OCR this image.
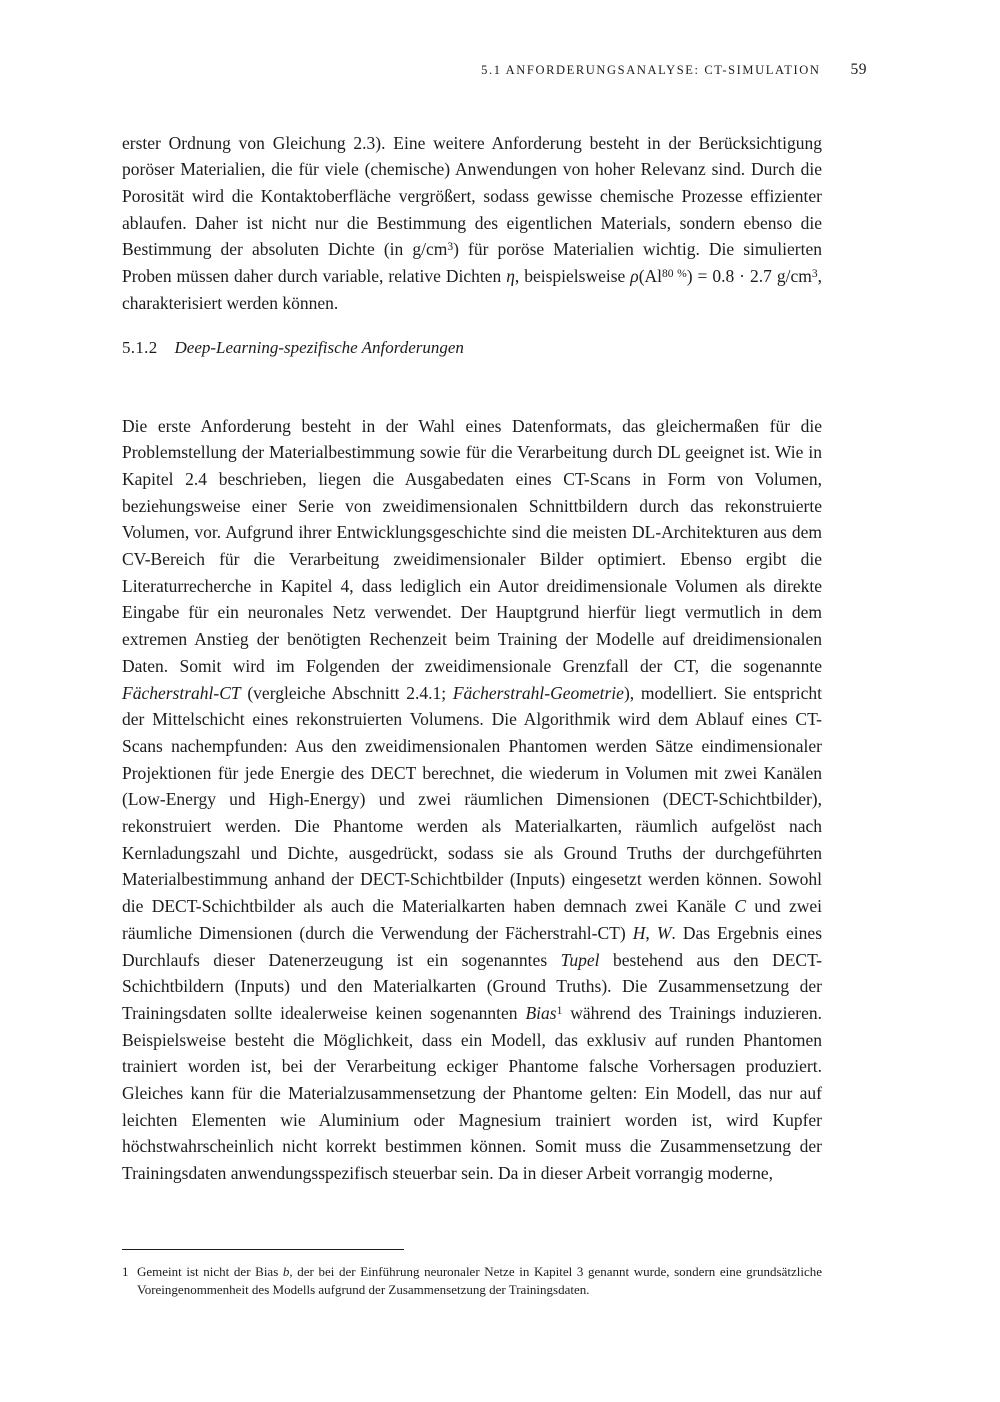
5.1 ANFORDERUNGSANALYSE: CT-SIMULATION 59

erster Ordnung von Gleichung 2.3). Eine weitere Anforderung besteht in der Berücksichtigung poröser Materialien, die für viele (chemische) Anwendungen von hoher Relevanz sind. Durch die Porosität wird die Kontaktoberfläche vergrößert, sodass gewisse chemische Prozesse effizienter ablaufen. Daher ist nicht nur die Bestimmung des eigentlichen Materials, sondern ebenso die Bestimmung der absoluten Dichte (in $g/cm^3$) für poröse Materialien wichtig. Die simulierten Proben müssen daher durch variable, relative Dichten η, beispielsweise $\rho(Al^{80 \%}) = 0.8 \cdot 2.7$ $g/cm^3$, charakterisiert werden können.

5.1.2 Deep-Learning-spezifische Anforderungen

Die erste Anforderung besteht in der Wahl eines Datenformats, das gleichermaßen für die Problemstellung der Materialbestimmung sowie für die Verarbeitung durch DL geeignet ist. Wie in Kapitel 2.4 beschrieben, liegen die Ausgabedaten eines CT-Scans in Form von Volumen, beziehungsweise einer Serie von zweidimensionalen Schnittbildern durch das rekonstruierte Volumen, vor. Aufgrund ihrer Entwicklungsgeschichte sind die meisten DL-Architekturen aus dem CV-Bereich für die Verarbeitung zweidimensionaler Bilder optimiert. Ebenso ergibt die Literaturrecherche in Kapitel 4, dass lediglich ein Autor dreidimensionale Volumen als direkte Eingabe für ein neuronales Netz verwendet. Der Hauptgrund hierfür liegt vermutlich in dem extremen Anstieg der benötigten Rechenzeit beim Training der Modelle auf dreidimensionalen Daten. Somit wird im Folgenden der zweidimensionale Grenzfall der CT, die sogenannte Fächerstrahl-CT (vergleiche Abschnitt 2.4.1; Fächerstrahl-Geometrie), modelliert. Sie entspricht der Mittelschicht eines rekonstruierten Volumens. Die Algorithmik wird dem Ablauf eines CT-Scans nachempfunden: Aus den zweidimensionalen Phantomen werden Sätze eindimensionaler Projektionen für jede Energie des DECT berechnet, die wiederum in Volumen mit zwei Kanälen (Low-Energy und High-Energy) und zwei räumlichen Dimensionen (DECT-Schichtbilder), rekonstruiert werden. Die Phantome werden als Materialkarten, räumlich aufgelöst nach Kernladungszahl und Dichte, ausgedrückt, sodass sie als Ground Truths der durchgeführten Materialbestimmung anhand der DECT-Schichtbilder (Inputs) eingesetzt werden können. Sowohl die DECT-Schichtbilder als auch die Materialkarten haben demnach zwei Kanäle C und zwei räumliche Dimensionen (durch die Verwendung der Fächerstrahl-CT) H, W. Das Ergebnis eines Durchlaufs dieser Datenerzeugung ist ein sogenanntes Tupel bestehend aus den DECT-Schichtbildern (Inputs) und den Materialkarten (Ground Truths). Die Zusammensetzung der Trainingsdaten sollte idealerweise keinen sogenannten Bias$^1$ während des Trainings induzieren. Beispielsweise besteht die Möglichkeit, dass ein Modell, das exklusiv auf runden Phantomen trainiert worden ist, bei der Verarbeitung eckiger Phantome falsche Vorhersagen produziert. Gleiches kann für die Materialzusammensetzung der Phantome gelten: Ein Modell, das nur auf leichten Elementen wie Aluminium oder Magnesium trainiert worden ist, wird Kupfer höchstwahrscheinlich nicht korrekt bestimmen können. Somit muss die Zusammensetzung der Trainingsdaten anwendungsspezifisch steuerbar sein. Da in dieser Arbeit vorrangig moderne,

1 Gemeint ist nicht der Bias b, der bei der Einführung neuronaler Netze in Kapitel 3 genannt wurde, sondern eine grundsätzliche Voreingenommenheit des Modells aufgrund der Zusammensetzung der Trainingsdaten.
